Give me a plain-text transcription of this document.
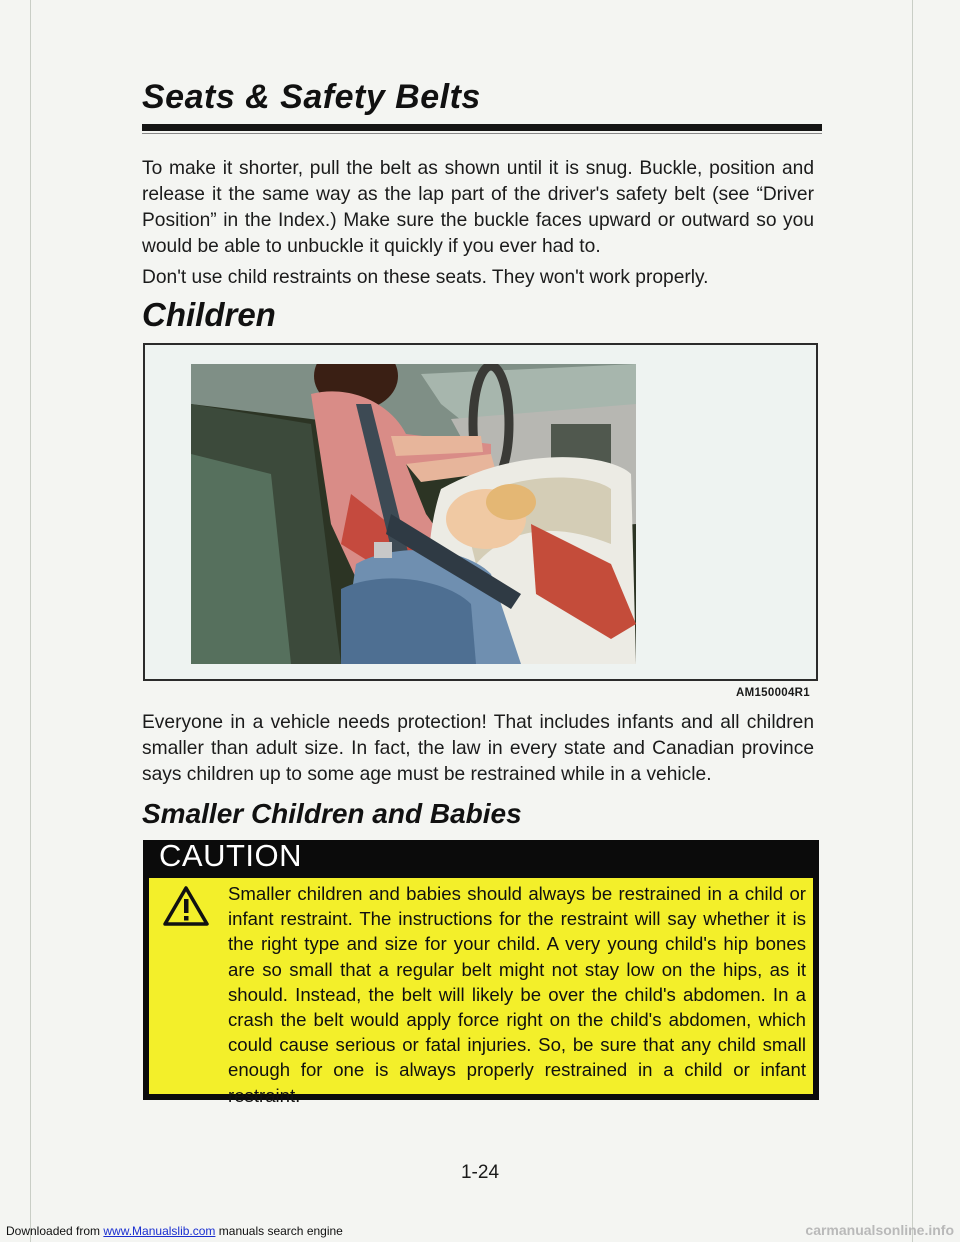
Seats & Safety Belts

To make it shorter, pull the belt as shown until it is snug. Buckle, position and release it the same way as the lap part of the driver's safety belt (see “Driver Position” in the Index.) Make sure the buckle faces upward or outward so you would be able to unbuckle it quickly if you ever had to.

Don't use child restraints on these seats. They won't work properly.

Children
AM150004R1

Everyone in a vehicle needs protection! That includes infants and all children smaller than adult size. In fact, the law in every state and Canadian province says children up to some age must be restrained while in a vehicle.

Smaller Children and Babies
CAUTION

Smaller children and babies should always be restrained in a child or infant restraint. The instructions for the restraint will say whether it is the right type and size for your child. A very young child's hip bones are so small that a regular belt might not stay low on the hips, as it should. Instead, the belt will likely be over the child's abdomen. In a crash the belt would apply force right on the child's abdomen, which could cause serious or fatal injuries. So, be sure that any child small enough for one is always properly restrained in a child or infant restraint.

1-24
Downloaded from www.Manualslib.com manuals search engine	carmanualsonline.info
